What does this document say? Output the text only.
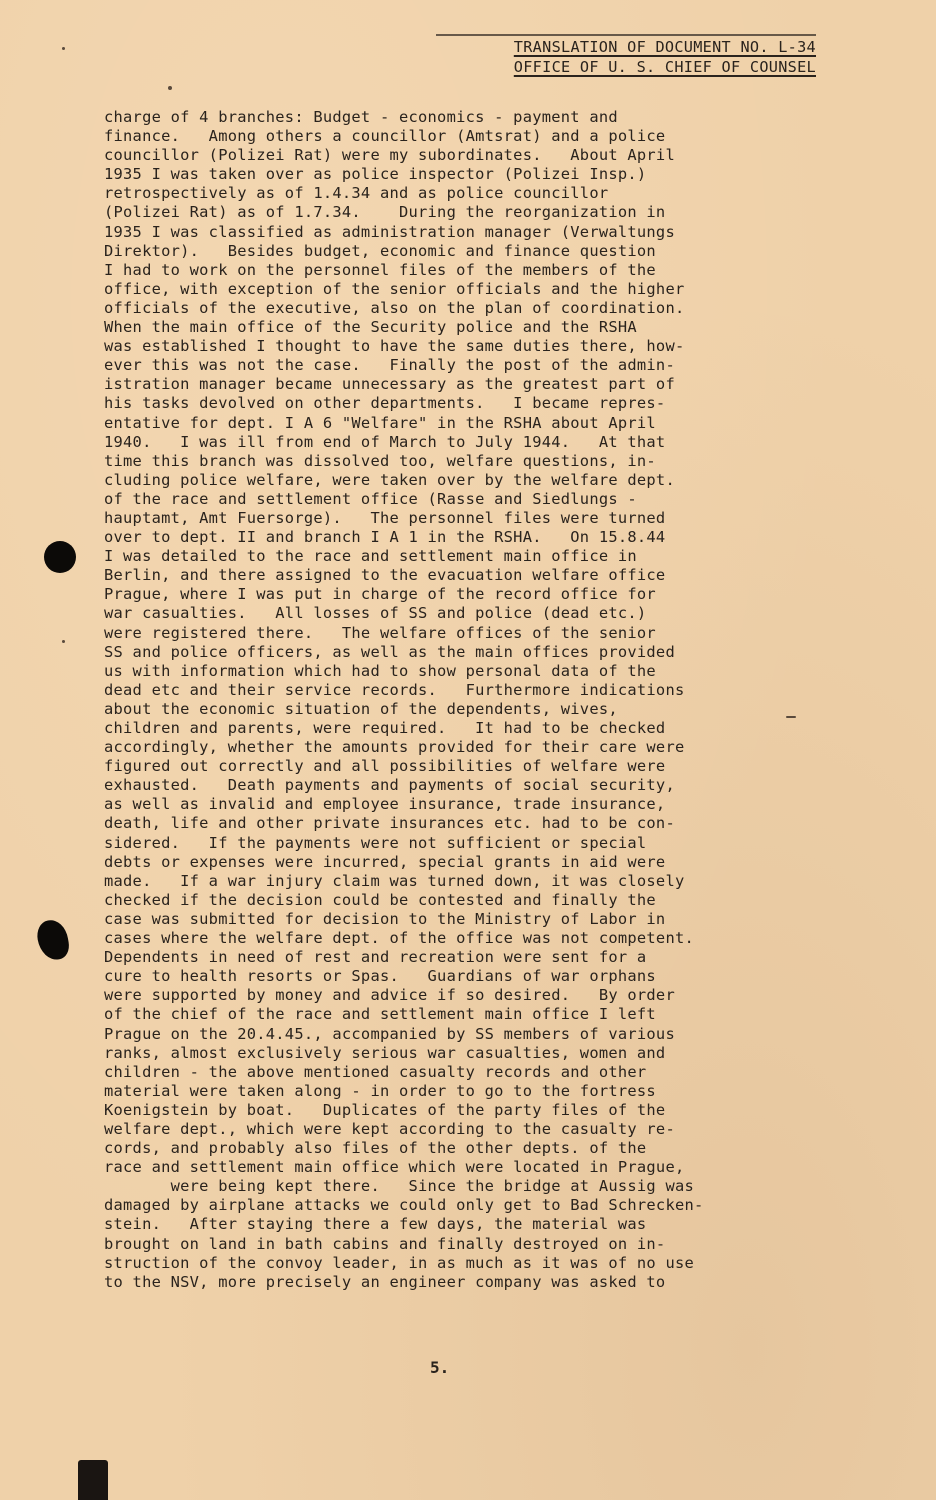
TRANSLATION OF DOCUMENT NO. L-34
OFFICE OF U. S. CHIEF OF COUNSEL
charge of 4 branches: Budget - economics - payment and
finance.   Among others a councillor (Amtsrat) and a police
councillor (Polizei Rat) were my subordinates.   About April
1935 I was taken over as police inspector (Polizei Insp.)
retrospectively as of 1.4.34 and as police councillor
(Polizei Rat) as of 1.7.34.    During the reorganization in
1935 I was classified as administration manager (Verwaltungs
Direktor).   Besides budget, economic and finance question
I had to work on the personnel files of the members of the
office, with exception of the senior officials and the higher
officials of the executive, also on the plan of coordination.
When the main office of the Security police and the RSHA
was established I thought to have the same duties there, how-
ever this was not the case.   Finally the post of the admin-
istration manager became unnecessary as the greatest part of
his tasks devolved on other departments.   I became repres-
entative for dept. I A 6 "Welfare" in the RSHA about April
1940.   I was ill from end of March to July 1944.   At that
time this branch was dissolved too, welfare questions, in-
cluding police welfare, were taken over by the welfare dept.
of the race and settlement office (Rasse and Siedlungs -
hauptamt, Amt Fuersorge).   The personnel files were turned
over to dept. II and branch I A 1 in the RSHA.   On 15.8.44
I was detailed to the race and settlement main office in
Berlin, and there assigned to the evacuation welfare office
Prague, where I was put in charge of the record office for
war casualties.   All losses of SS and police (dead etc.)
were registered there.   The welfare offices of the senior
SS and police officers, as well as the main offices provided
us with information which had to show personal data of the
dead etc and their service records.   Furthermore indications
about the economic situation of the dependents, wives,
children and parents, were required.   It had to be checked
accordingly, whether the amounts provided for their care were
figured out correctly and all possibilities of welfare were
exhausted.   Death payments and payments of social security,
as well as invalid and employee insurance, trade insurance,
death, life and other private insurances etc. had to be con-
sidered.   If the payments were not sufficient or special
debts or expenses were incurred, special grants in aid were
made.   If a war injury claim was turned down, it was closely
checked if the decision could be contested and finally the
case was submitted for decision to the Ministry of Labor in
cases where the welfare dept. of the office was not competent.
Dependents in need of rest and recreation were sent for a
cure to health resorts or Spas.   Guardians of war orphans
were supported by money and advice if so desired.   By order
of the chief of the race and settlement main office I left
Prague on the 20.4.45., accompanied by SS members of various
ranks, almost exclusively serious war casualties, women and
children - the above mentioned casualty records and other
material were taken along - in order to go to the fortress
Koenigstein by boat.   Duplicates of the party files of the
welfare dept., which were kept according to the casualty re-
cords, and probably also files of the other depts. of the
race and settlement main office which were located in Prague,
were being kept there.   Since the bridge at Aussig was
damaged by airplane attacks we could only get to Bad Schrecken-
stein.   After staying there a few days, the material was
brought on land in bath cabins and finally destroyed on in-
struction of the convoy leader, in as much as it was of no use
to the NSV, more precisely an engineer company was asked to
5.
